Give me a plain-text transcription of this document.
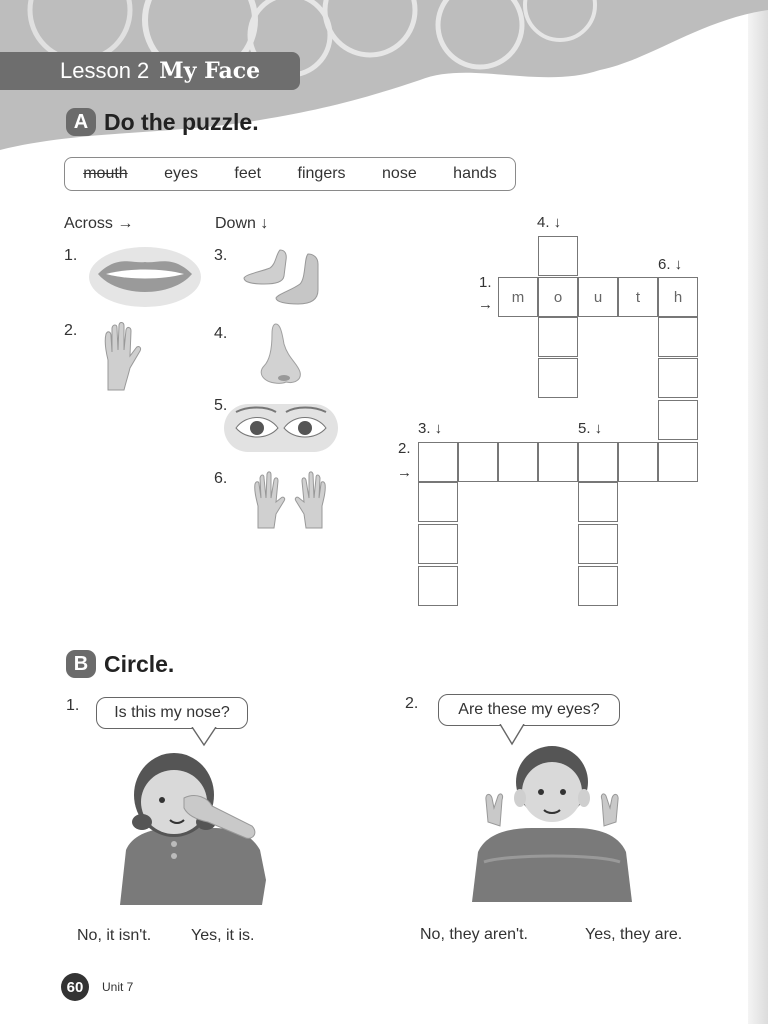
Lesson 2 My Face
A Do the puzzle.
mouth eyes feet fingers nose hands
Across →	Down ↓
1.
2.
3.
4.
5.
6.
4. ↓
6. ↓
1.
→
3. ↓	5. ↓
2.
→
m	o	u	t	h
B Circle.
1.	Is this my nose?
No, it isn't. Yes, it is.
2.	Are these my eyes?
No, they aren't.	Yes, they are.
60	Unit 7
